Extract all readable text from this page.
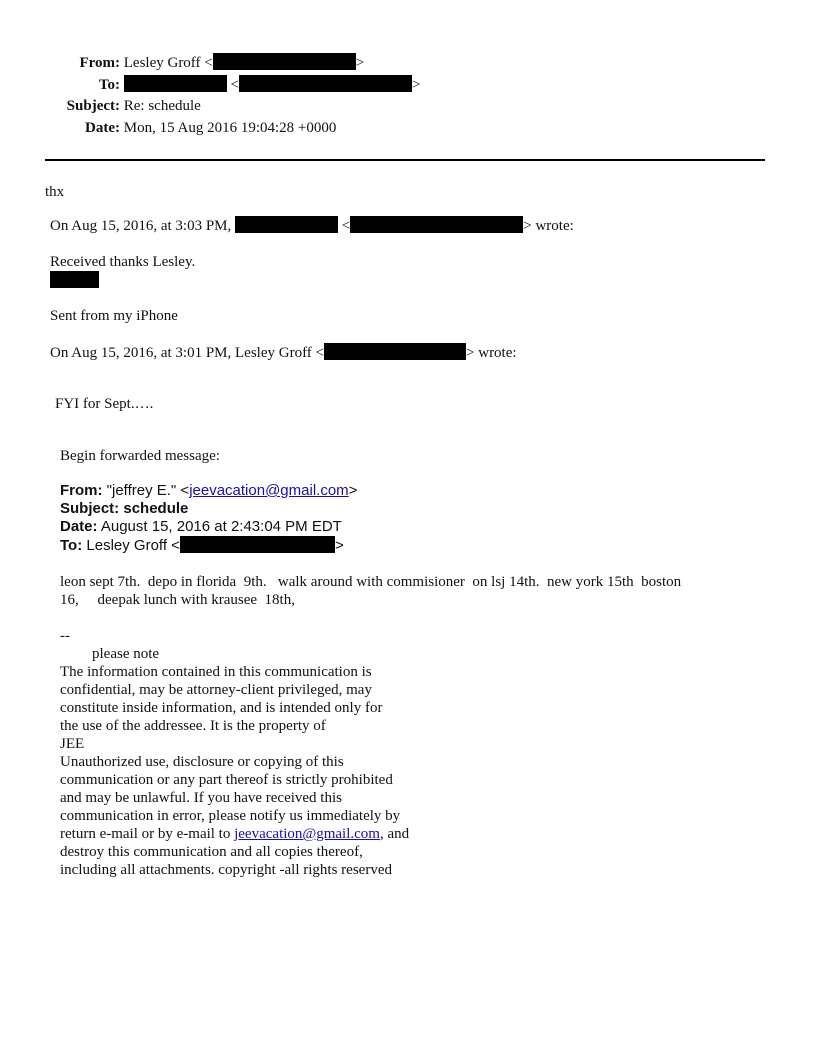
From: Lesley Groff <	>
To:	<	>
Subject: Re: schedule
Date: Mon, 15 Aug 2016 19:04:28 +0000
thx
On Aug 15, 2016, at 3:03 PM,	<	> wrote:
Received thanks Lesley.
Sent from my iPhone
On Aug 15, 2016, at 3:01 PM, Lesley Groff <	> wrote:
FYI for Sept.….
Begin forwarded message:
From: "jeffrey E." <jeevacation@gmail.com>
Subject: schedule
Date: August 15, 2016 at 2:43:04 PM EDT
To: Lesley Groff <	>
leon sept 7th.  depo in florida  9th.   walk around with commisioner  on lsj 14th.  new york 15th  boston
16,     deepak lunch with krausee  18th,
--
please note
The information contained in this communication is
confidential, may be attorney-client privileged, may
constitute inside information, and is intended only for
the use of the addressee. It is the property of
JEE
Unauthorized use, disclosure or copying of this
communication or any part thereof is strictly prohibited
and may be unlawful. If you have received this
communication in error, please notify us immediately by
return e-mail or by e-mail to jeevacation@gmail.com, and
destroy this communication and all copies thereof,
including all attachments. copyright -all rights reserved
